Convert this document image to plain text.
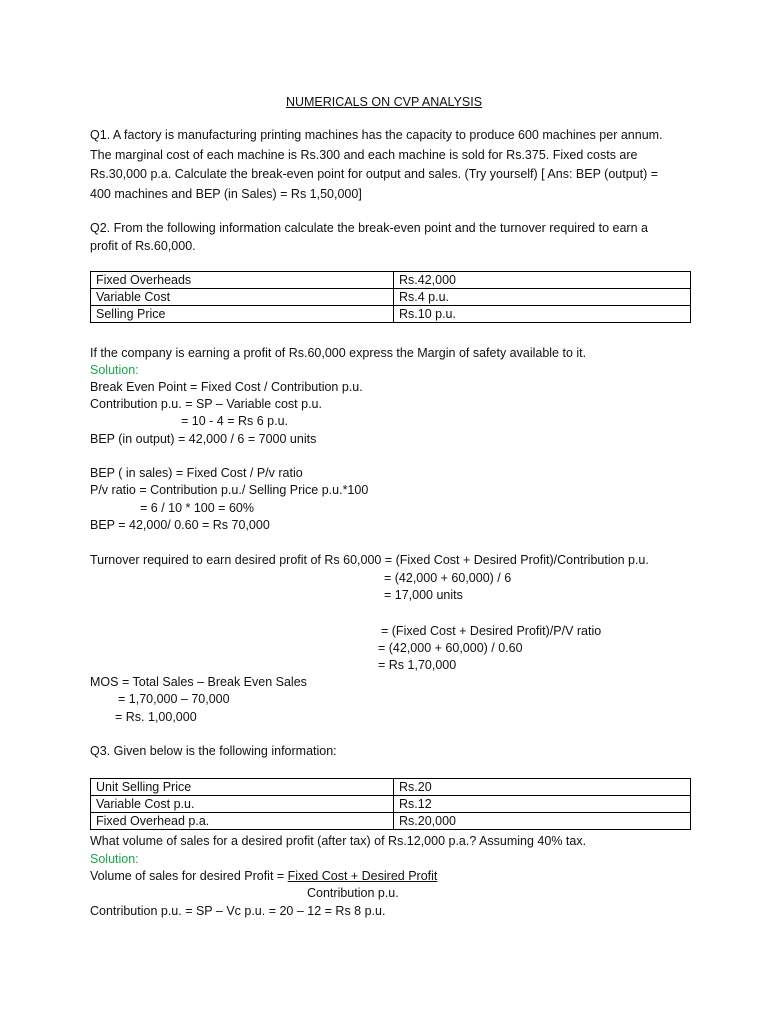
NUMERICALS ON CVP ANALYSIS
Q1. A factory is manufacturing printing machines has the capacity to produce 600 machines per annum.
The marginal cost of each machine is Rs.300 and each machine is sold for Rs.375. Fixed costs are
Rs.30,000 p.a. Calculate the break-even point for output and sales. (Try yourself) [ Ans: BEP (output) =
400 machines and BEP (in Sales) = Rs 1,50,000]
Q2. From the following information calculate the break-even point and the turnover required to earn a
profit of Rs.60,000.
Fixed Overheads	Rs.42,000
Variable Cost	Rs.4 p.u.
Selling Price	Rs.10 p.u.
If the company is earning a profit of Rs.60,000 express the Margin of safety available to it.
Solution:
Break Even Point = Fixed Cost / Contribution p.u.
Contribution p.u. = SP – Variable cost p.u.
= 10 - 4 = Rs 6 p.u.
BEP (in output) = 42,000 / 6 = 7000 units
BEP ( in sales) = Fixed Cost / P/v ratio
P/v ratio = Contribution p.u./ Selling Price p.u.*100
= 6 / 10 * 100 = 60%
BEP = 42,000/ 0.60 = Rs 70,000
Turnover required to earn desired profit of Rs 60,000 = (Fixed Cost + Desired Profit)/Contribution p.u.
= (42,000 + 60,000) / 6
= 17,000 units
= (Fixed Cost + Desired Profit)/P/V ratio
= (42,000 + 60,000) / 0.60
= Rs 1,70,000
MOS = Total Sales – Break Even Sales
= 1,70,000 – 70,000
= Rs. 1,00,000
Q3. Given below is the following information:
Unit Selling Price	Rs.20
Variable Cost p.u.	Rs.12
Fixed Overhead p.a.	Rs.20,000
What volume of sales for a desired profit (after tax) of Rs.12,000 p.a.? Assuming 40% tax.
Solution:
Volume of sales for desired Profit = Fixed Cost + Desired Profit
Contribution p.u.
Contribution p.u. = SP – Vc p.u. = 20 – 12 = Rs 8 p.u.
